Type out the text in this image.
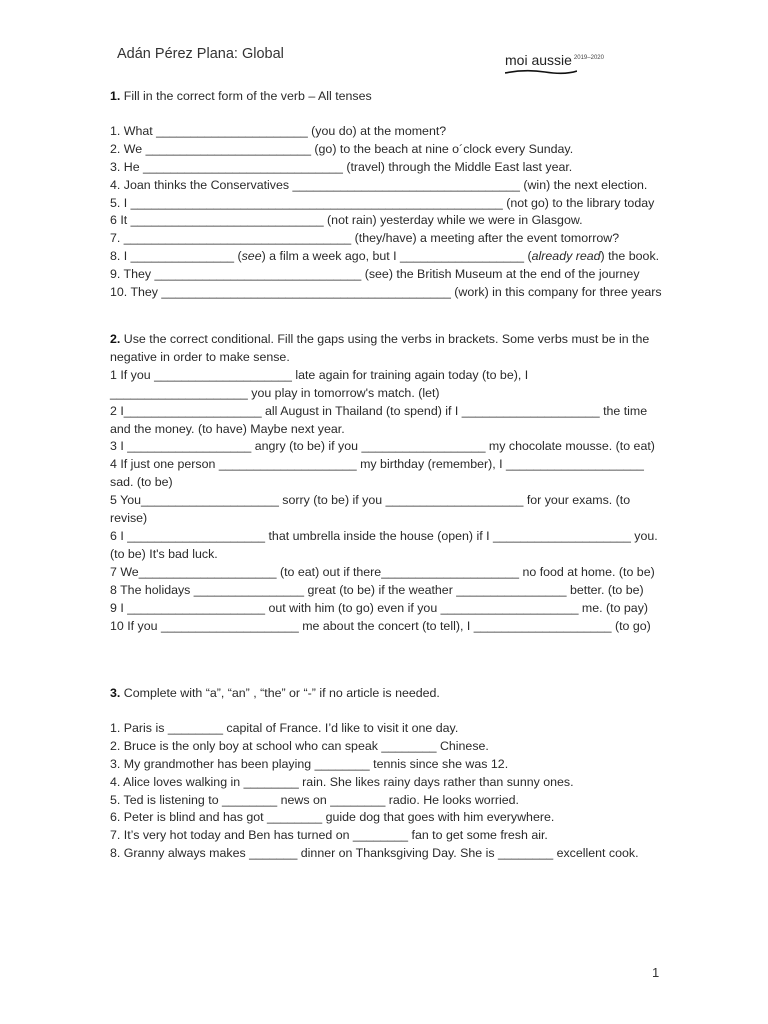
Adán Pérez Plana: Global	moi aussie $^{2019-2020}$
1. Fill in the correct form of the verb – All tenses
1. What ______________________ (you do) at the moment?
2. We ________________________ (go) to the beach at nine o´clock every Sunday.
3. He _____________________________ (travel) through the Middle East last year.
4. Joan thinks the Conservatives _________________________________ (win) the next election.
5. I ______________________________________________________ (not go) to the library today
6 It ____________________________ (not rain) yesterday while we were in Glasgow.
7. _________________________________ (they/have) a meeting after the event tomorrow?
8. I _______________ (see) a film a week ago, but I __________________ (already read) the book.
9. They ______________________________ (see) the British Museum at the end of the journey
10. They __________________________________________ (work) in this company for three years
2. Use the correct conditional. Fill the gaps using the verbs in brackets. Some verbs must be in the negative in order to make sense.
1 If you ____________________ late again for training again today (to be), I ____________________ you play in tomorrow's match. (let)
2 I____________________ all August in Thailand (to spend) if I ____________________ the time and the money. (to have) Maybe next year.
3 I __________________ angry (to be) if you __________________ my chocolate mousse. (to eat)
4 If just one person ____________________ my birthday (remember), I ____________________ sad. (to be)
5 You____________________ sorry (to be) if you ____________________ for your exams. (to revise)
6 I ____________________ that umbrella inside the house (open) if I ____________________ you. (to be) It's bad luck.
7 We____________________ (to eat) out if there____________________ no food at home. (to be)
8 The holidays ________________ great (to be) if the weather ________________ better. (to be)
9 I ____________________ out with him (to go) even if you ____________________ me. (to pay)
10 If you ____________________ me about the concert (to tell), I ____________________ (to go)
3. Complete with “a”, “an” , “the” or “-” if no article is needed.
1. Paris is ________ capital of France. I’d like to visit it one day.
2. Bruce is the only boy at school who can speak ________ Chinese.
3. My grandmother has been playing ________ tennis since she was 12.
4. Alice loves walking in ________ rain. She likes rainy days rather than sunny ones.
5. Ted is listening to ________ news on ________ radio. He looks worried.
6. Peter is blind and has got ________ guide dog that goes with him everywhere.
7. It’s very hot today and Ben has turned on ________ fan to get some fresh air.
8. Granny always makes _______ dinner on Thanksgiving Day. She is ________ excellent cook.
1
